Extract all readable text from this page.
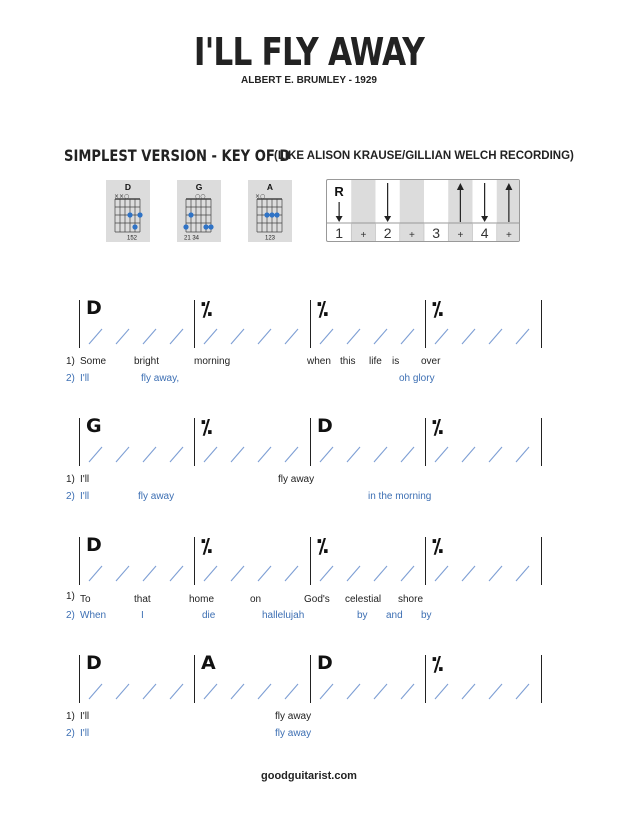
I'LL FLY AWAY
ALBERT E. BRUMLEY - 1929
SIMPLEST VERSION - KEY OF D
(LIKE ALISON KRAUSE/GILLIAN WELCH RECORDING)
D
××○
152
G
○○
21 34
A
×○
123	1 + 2 + 3 + 4 +
R
D	⁒	⁒	⁒
1)
2)
Some	bright	morning	when this life is over
I'll	fly away,	oh glory
G	⁒	D	⁒
1)
2)
I'll	fly away
I'll	fly away	in the morning
D	⁒	⁒	⁒
1)
2)
To	that	home	on	God's celestial shore
When	I	die	hallelujah	by and by
D	A	D	⁒
1)
2)
I'll	fly away
I'll	fly away
goodguitarist.com
